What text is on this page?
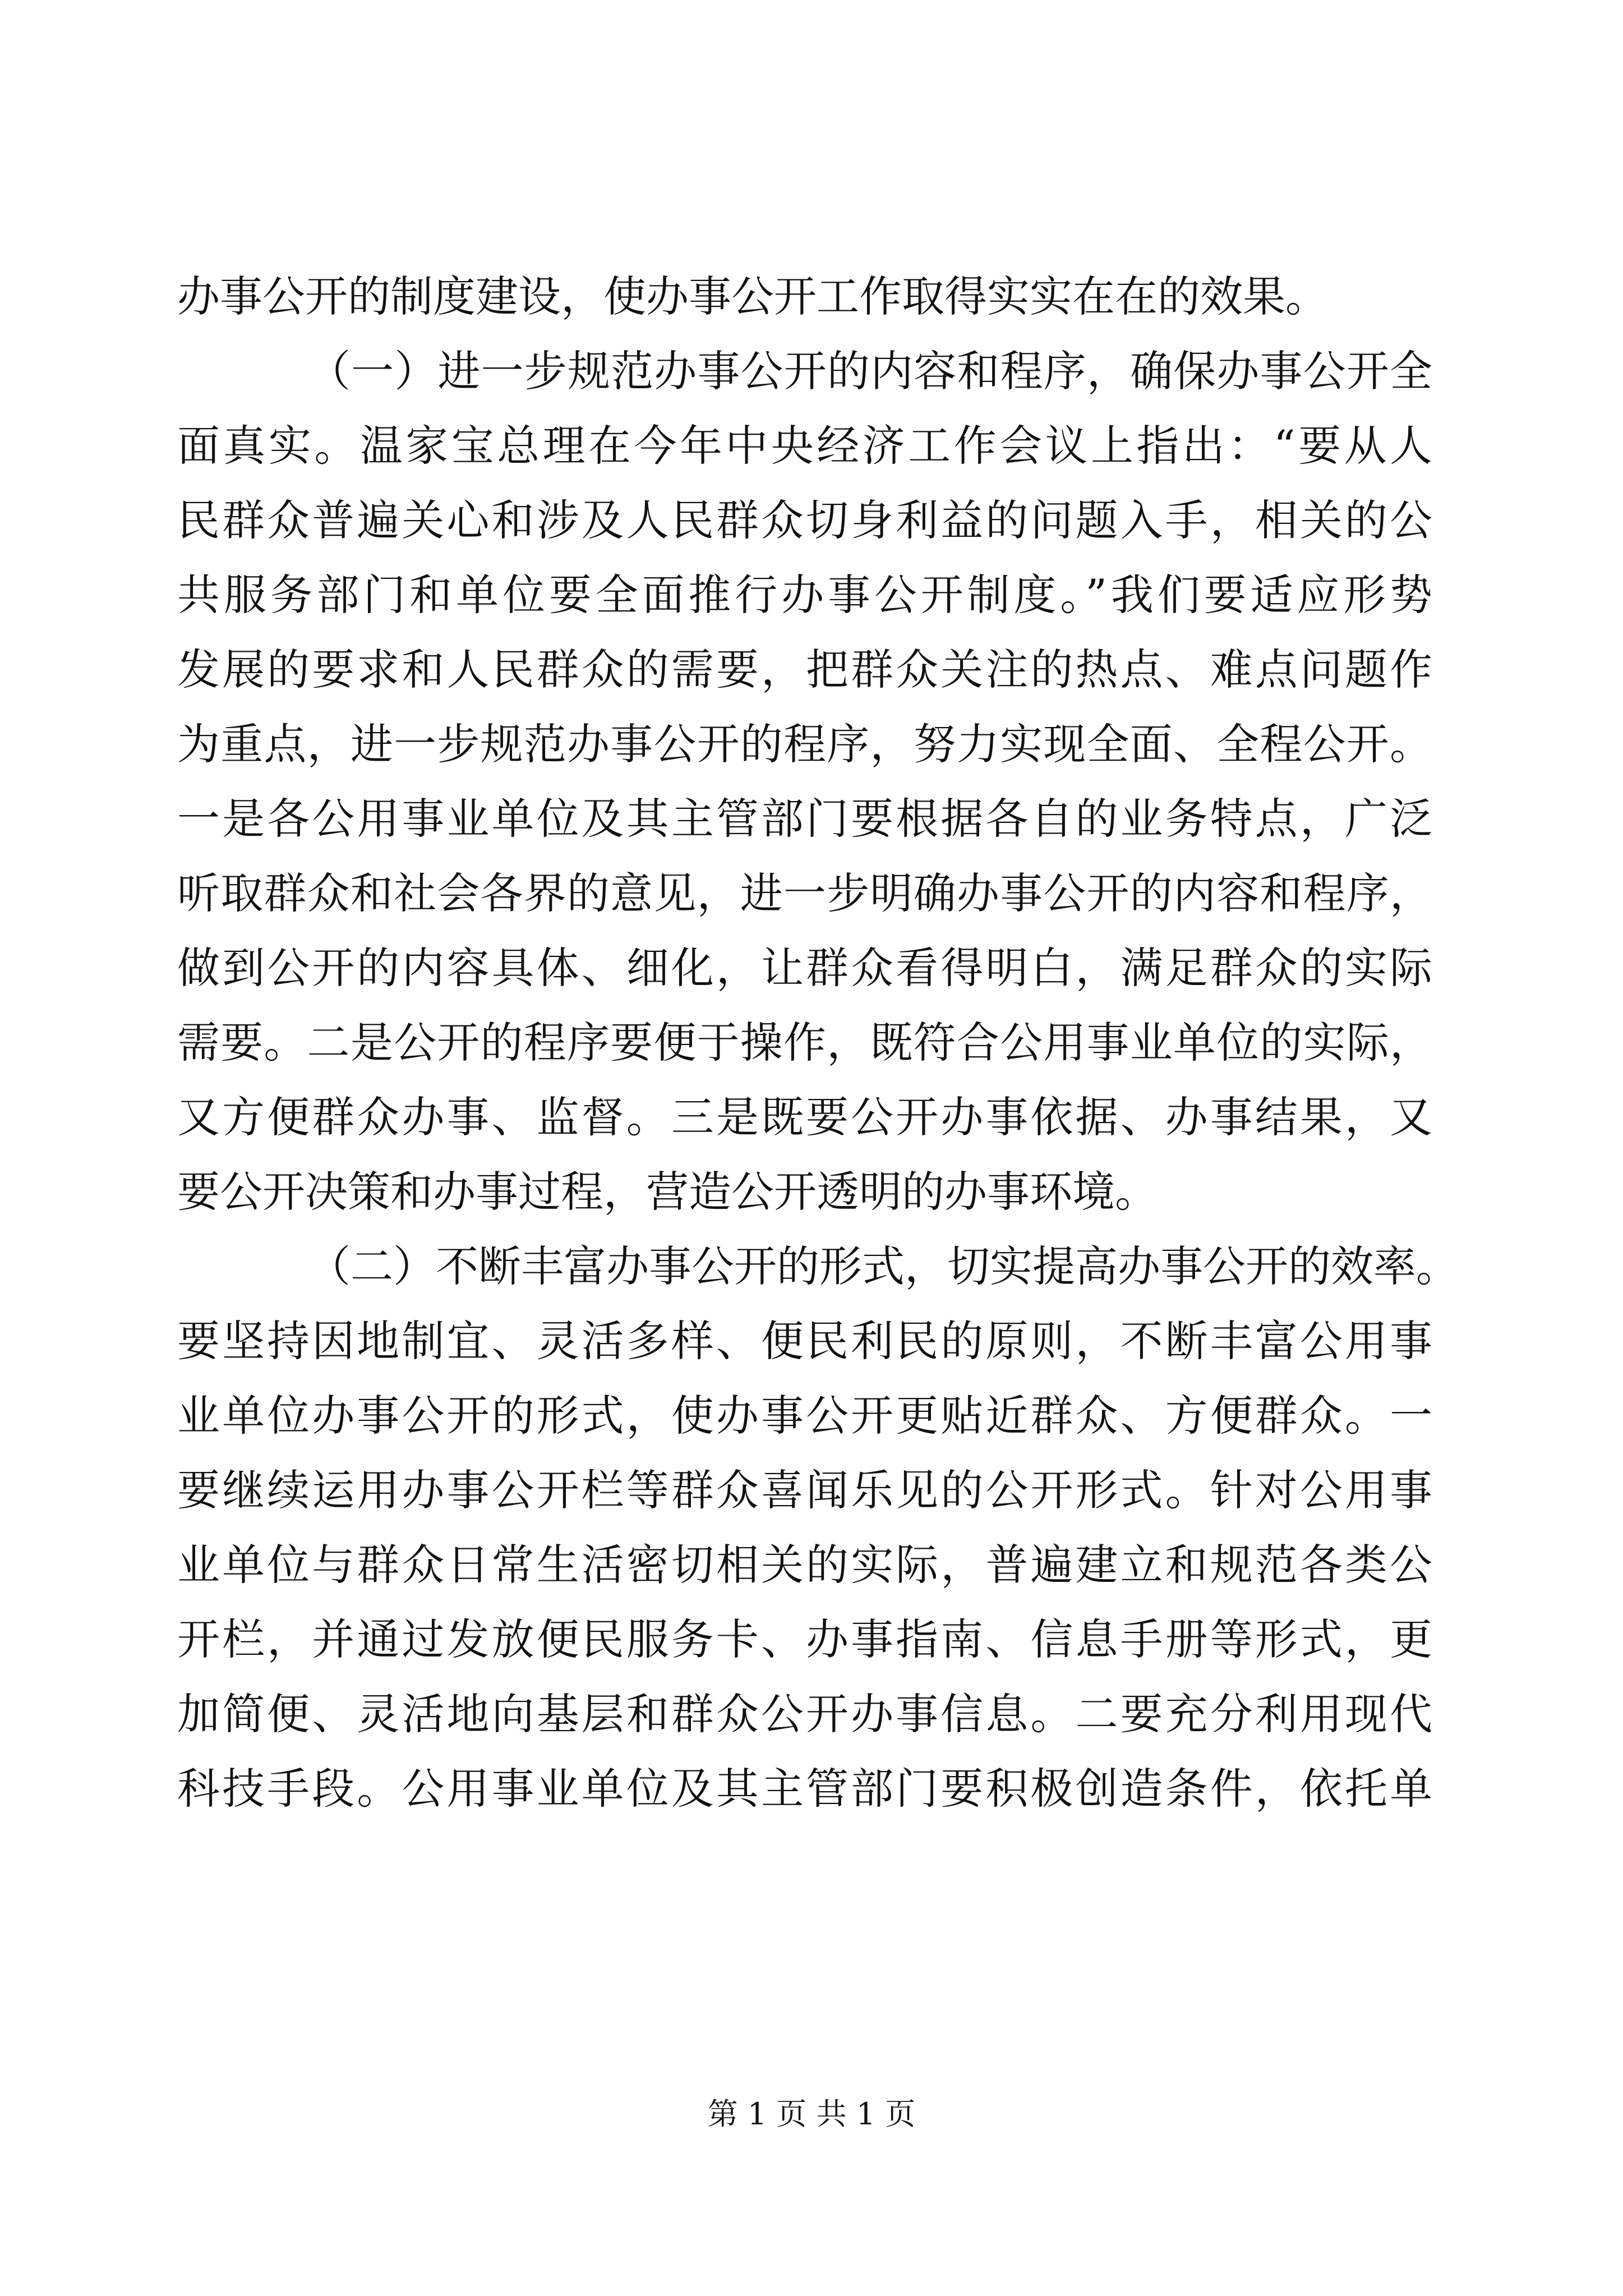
办事公开的制度建设，使办事公开工作取得实实在在的效果。
（一）进一步规范办事公开的内容和程序，确保办事公开全
面真实。温家宝总理在今年中央经济工作会议上指出：“要从人
民群众普遍关心和涉及人民群众切身利益的问题入手，相关的公
共服务部门和单位要全面推行办事公开制度。”我们要适应形势
发展的要求和人民群众的需要，把群众关注的热点、难点问题作
为重点，进一步规范办事公开的程序，努力实现全面、全程公开。
一是各公用事业单位及其主管部门要根据各自的业务特点，广泛
听取群众和社会各界的意见，进一步明确办事公开的内容和程序，
做到公开的内容具体、细化，让群众看得明白，满足群众的实际
需要。二是公开的程序要便于操作，既符合公用事业单位的实际，
又方便群众办事、监督。三是既要公开办事依据、办事结果，又
要公开决策和办事过程，营造公开透明的办事环境。
（二）不断丰富办事公开的形式，切实提高办事公开的效率。
要坚持因地制宜、灵活多样、便民利民的原则，不断丰富公用事
业单位办事公开的形式，使办事公开更贴近群众、方便群众。一
要继续运用办事公开栏等群众喜闻乐见的公开形式。针对公用事
业单位与群众日常生活密切相关的实际，普遍建立和规范各类公
开栏，并通过发放便民服务卡、办事指南、信息手册等形式，更
加简便、灵活地向基层和群众公开办事信息。二要充分利用现代
科技手段。公用事业单位及其主管部门要积极创造条件，依托单
第 1 页 共 1 页
